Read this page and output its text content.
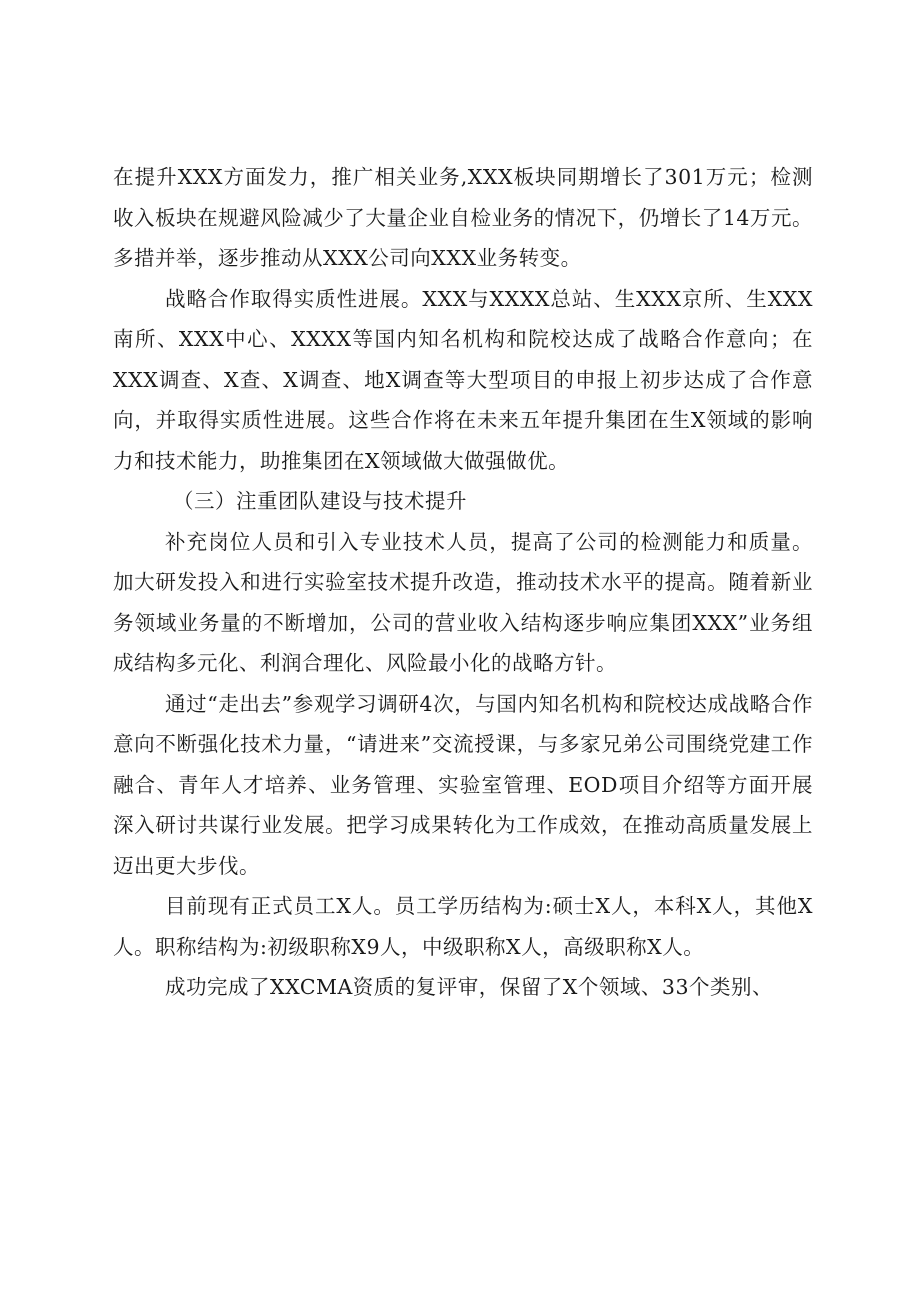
在提升XXX方面发力，推广相关业务,XXX板块同期增长了301万元；检测收入板块在规避风险减少了大量企业自检业务的情况下，仍增长了14万元。多措并举，逐步推动从XXX公司向XXX业务转变。

战略合作取得实质性进展。XXX与XXXX总站、生XXX京所、生XXX南所、XXX中心、XXXX等国内知名机构和院校达成了战略合作意向；在XXX调查、X查、X调查、地X调查等大型项目的申报上初步达成了合作意向，并取得实质性进展。这些合作将在未来五年提升集团在生X领域的影响力和技术能力，助推集团在X领域做大做强做优。

（三）注重团队建设与技术提升

补充岗位人员和引入专业技术人员，提高了公司的检测能力和质量。加大研发投入和进行实验室技术提升改造，推动技术水平的提高。随着新业务领域业务量的不断增加，公司的营业收入结构逐步响应集团XXX”业务组成结构多元化、利润合理化、风险最小化的战略方针。

通过“走出去”参观学习调研4次，与国内知名机构和院校达成战略合作意向不断强化技术力量，“请进来”交流授课，与多家兄弟公司围绕党建工作融合、青年人才培养、业务管理、实验室管理、EOD项目介绍等方面开展深入研讨共谋行业发展。把学习成果转化为工作成效，在推动高质量发展上迈出更大步伐。

目前现有正式员工X人。员工学历结构为:硕士X人，本科X人，其他X人。职称结构为:初级职称X9人，中级职称X人，高级职称X人。

成功完成了XXCMA资质的复评审，保留了X个领域、33个类别、
